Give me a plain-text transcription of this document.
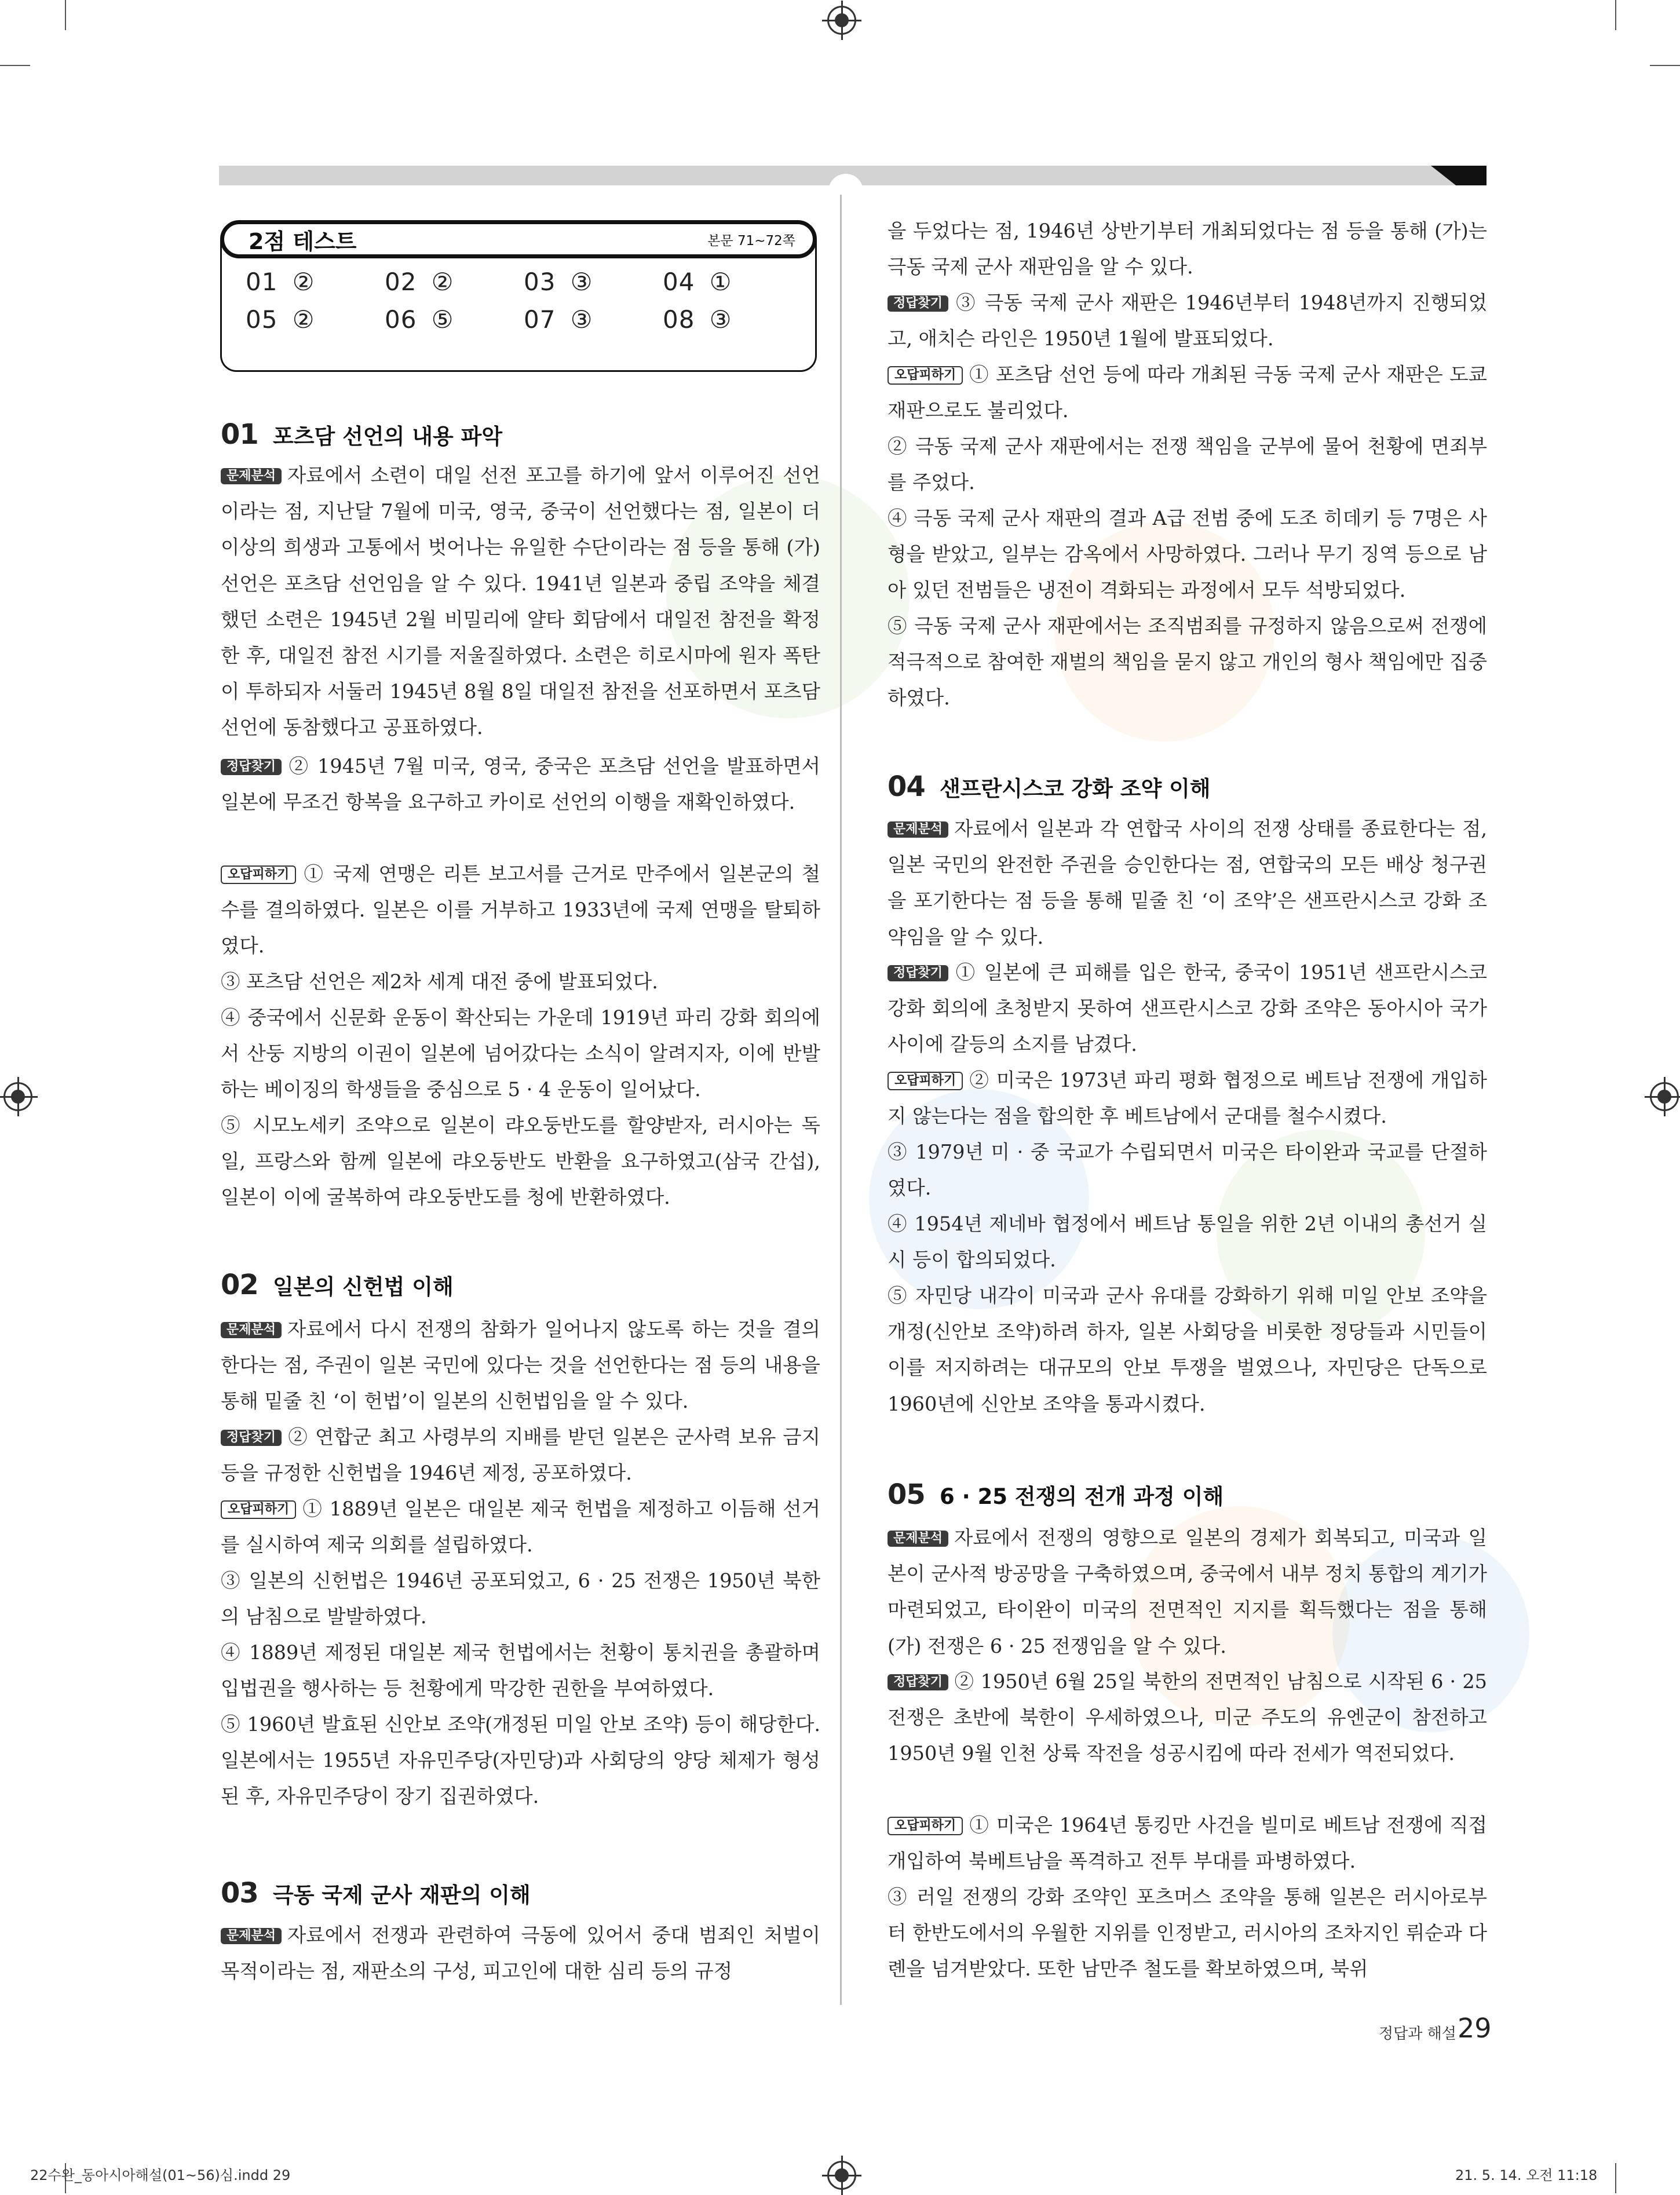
2점 테스트	본문 71~72쪽
01 ②	02 ②	03 ③	04 ①
05 ②	06 ⑤	07 ③	08 ③
01 포츠담 선언의 내용 파악

문제분석 자료에서 소련이 대일 선전 포고를 하기에 앞서 이루어진 선언이라는 점, 지난달 7월에 미국, 영국, 중국이 선언했다는 점, 일본이 더 이상의 희생과 고통에서 벗어나는 유일한 수단이라는 점 등을 통해 (가) 선언은 포츠담 선언임을 알 수 있다. 1941년 일본과 중립 조약을 체결했던 소련은 1945년 2월 비밀리에 얄타 회담에서 대일전 참전을 확정한 후, 대일전 참전 시기를 저울질하였다. 소련은 히로시마에 원자 폭탄이 투하되자 서둘러 1945년 8월 8일 대일전 참전을 선포하면서 포츠담 선언에 동참했다고 공표하였다.

정답찾기 ② 1945년 7월 미국, 영국, 중국은 포츠담 선언을 발표하면서 일본에 무조건 항복을 요구하고 카이로 선언의 이행을 재확인하였다.

오답피하기 ① 국제 연맹은 리튼 보고서를 근거로 만주에서 일본군의 철수를 결의하였다. 일본은 이를 거부하고 1933년에 국제 연맹을 탈퇴하였다.

③ 포츠담 선언은 제2차 세계 대전 중에 발표되었다.

④ 중국에서 신문화 운동이 확산되는 가운데 1919년 파리 강화 회의에서 산둥 지방의 이권이 일본에 넘어갔다는 소식이 알려지자, 이에 반발하는 베이징의 학생들을 중심으로 5 · 4 운동이 일어났다.

⑤ 시모노세키 조약으로 일본이 랴오둥반도를 할양받자, 러시아는 독일, 프랑스와 함께 일본에 랴오둥반도 반환을 요구하였고(삼국 간섭), 일본이 이에 굴복하여 랴오둥반도를 청에 반환하였다.

02 일본의 신헌법 이해

문제분석 자료에서 다시 전쟁의 참화가 일어나지 않도록 하는 것을 결의한다는 점, 주권이 일본 국민에 있다는 것을 선언한다는 점 등의 내용을 통해 밑줄 친 ‘이 헌법’이 일본의 신헌법임을 알 수 있다.

정답찾기 ② 연합군 최고 사령부의 지배를 받던 일본은 군사력 보유 금지 등을 규정한 신헌법을 1946년 제정, 공포하였다.

오답피하기 ① 1889년 일본은 대일본 제국 헌법을 제정하고 이듬해 선거를 실시하여 제국 의회를 설립하였다.

③ 일본의 신헌법은 1946년 공포되었고, 6 · 25 전쟁은 1950년 북한의 남침으로 발발하였다.

④ 1889년 제정된 대일본 제국 헌법에서는 천황이 통치권을 총괄하며 입법권을 행사하는 등 천황에게 막강한 권한을 부여하였다.

⑤ 1960년 발효된 신안보 조약(개정된 미일 안보 조약) 등이 해당한다. 일본에서는 1955년 자유민주당(자민당)과 사회당의 양당 체제가 형성된 후, 자유민주당이 장기 집권하였다.

03 극동 국제 군사 재판의 이해

문제분석 자료에서 전쟁과 관련하여 극동에 있어서 중대 범죄인 처벌이 목적이라는 점, 재판소의 구성, 피고인에 대한 심리 등의 규정

을 두었다는 점, 1946년 상반기부터 개최되었다는 점 등을 통해 (가)는 극동 국제 군사 재판임을 알 수 있다.

정답찾기 ③ 극동 국제 군사 재판은 1946년부터 1948년까지 진행되었고, 애치슨 라인은 1950년 1월에 발표되었다.

오답피하기 ① 포츠담 선언 등에 따라 개최된 극동 국제 군사 재판은 도쿄 재판으로도 불리었다.

② 극동 국제 군사 재판에서는 전쟁 책임을 군부에 물어 천황에 면죄부를 주었다.

④ 극동 국제 군사 재판의 결과 A급 전범 중에 도조 히데키 등 7명은 사형을 받았고, 일부는 감옥에서 사망하였다. 그러나 무기 징역 등으로 남아 있던 전범들은 냉전이 격화되는 과정에서 모두 석방되었다.

⑤ 극동 국제 군사 재판에서는 조직범죄를 규정하지 않음으로써 전쟁에 적극적으로 참여한 재벌의 책임을 묻지 않고 개인의 형사 책임에만 집중하였다.

04 샌프란시스코 강화 조약 이해

문제분석 자료에서 일본과 각 연합국 사이의 전쟁 상태를 종료한다는 점, 일본 국민의 완전한 주권을 승인한다는 점, 연합국의 모든 배상 청구권을 포기한다는 점 등을 통해 밑줄 친 ‘이 조약’은 샌프란시스코 강화 조약임을 알 수 있다.

정답찾기 ① 일본에 큰 피해를 입은 한국, 중국이 1951년 샌프란시스코 강화 회의에 초청받지 못하여 샌프란시스코 강화 조약은 동아시아 국가 사이에 갈등의 소지를 남겼다.

오답피하기 ② 미국은 1973년 파리 평화 협정으로 베트남 전쟁에 개입하지 않는다는 점을 합의한 후 베트남에서 군대를 철수시켰다.

③ 1979년 미 · 중 국교가 수립되면서 미국은 타이완과 국교를 단절하였다.

④ 1954년 제네바 협정에서 베트남 통일을 위한 2년 이내의 총선거 실시 등이 합의되었다.

⑤ 자민당 내각이 미국과 군사 유대를 강화하기 위해 미일 안보 조약을 개정(신안보 조약)하려 하자, 일본 사회당을 비롯한 정당들과 시민들이 이를 저지하려는 대규모의 안보 투쟁을 벌였으나, 자민당은 단독으로 1960년에 신안보 조약을 통과시켰다.

05 6 · 25 전쟁의 전개 과정 이해

문제분석 자료에서 전쟁의 영향으로 일본의 경제가 회복되고, 미국과 일본이 군사적 방공망을 구축하였으며, 중국에서 내부 정치 통합의 계기가 마련되었고, 타이완이 미국의 전면적인 지지를 획득했다는 점을 통해 (가) 전쟁은 6 · 25 전쟁임을 알 수 있다.

정답찾기 ② 1950년 6월 25일 북한의 전면적인 남침으로 시작된 6 · 25 전쟁은 초반에 북한이 우세하였으나, 미군 주도의 유엔군이 참전하고 1950년 9월 인천 상륙 작전을 성공시킴에 따라 전세가 역전되었다.

오답피하기 ① 미국은 1964년 통킹만 사건을 빌미로 베트남 전쟁에 직접 개입하여 북베트남을 폭격하고 전투 부대를 파병하였다.

③ 러일 전쟁의 강화 조약인 포츠머스 조약을 통해 일본은 러시아로부터 한반도에서의 우월한 지위를 인정받고, 러시아의 조차지인 뤼순과 다롄을 넘겨받았다. 또한 남만주 철도를 확보하였으며, 북위

정답과 해설 29
22수완_동아시아해설(01~56)심.indd 29	21. 5. 14. 오전 11:18
